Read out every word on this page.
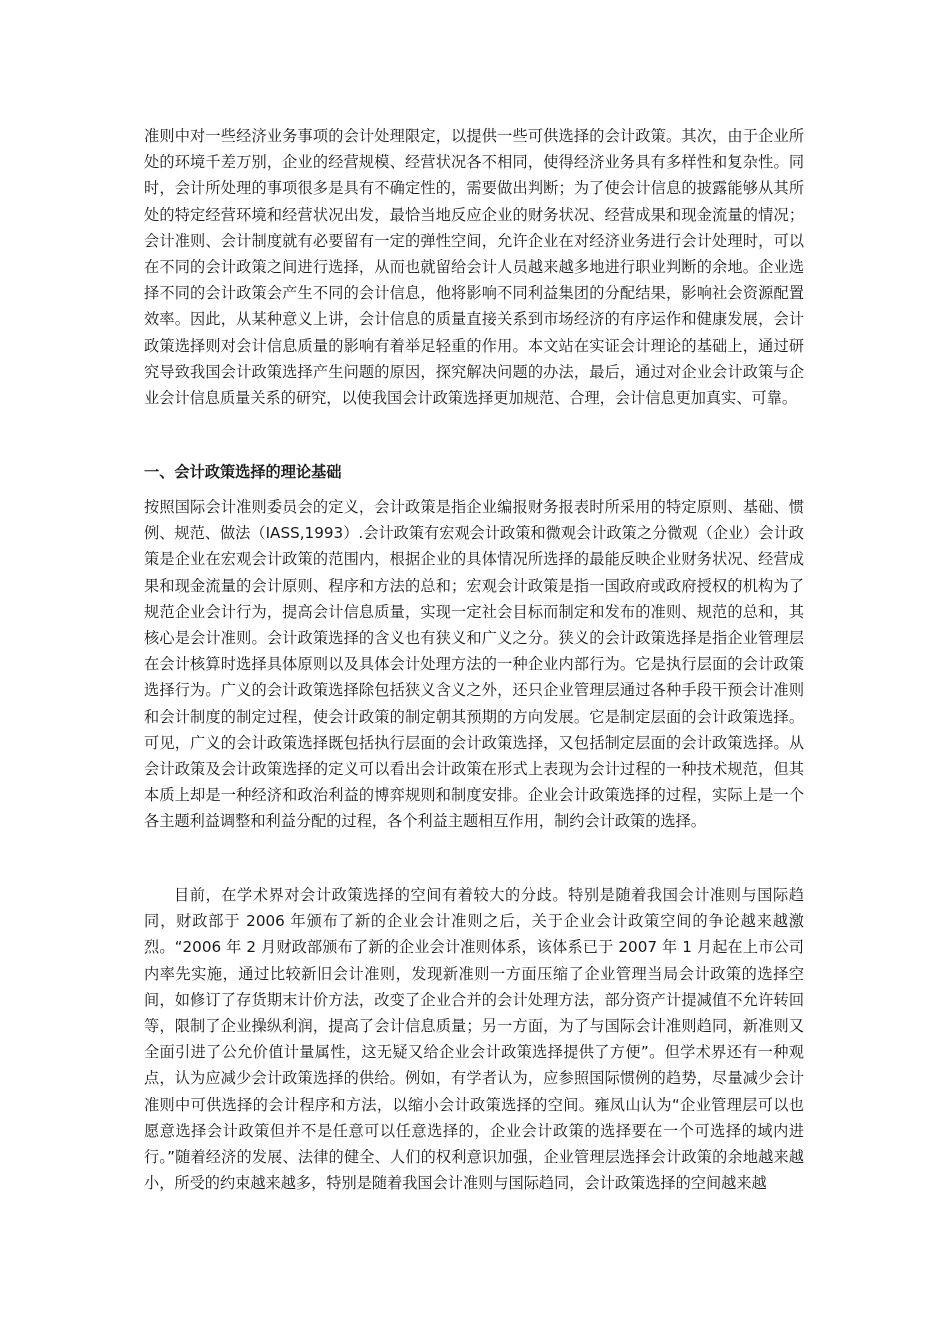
准则中对一些经济业务事项的会计处理限定，以提供一些可供选择的会计政策。其次，由于企业所处的环境千差万别，企业的经营规模、经营状况各不相同，使得经济业务具有多样性和复杂性。同时，会计所处理的事项很多是具有不确定性的，需要做出判断；为了使会计信息的披露能够从其所处的特定经营环境和经营状况出发，最恰当地反应企业的财务状况、经营成果和现金流量的情况；会计准则、会计制度就有必要留有一定的弹性空间，允许企业在对经济业务进行会计处理时，可以在不同的会计政策之间进行选择，从而也就留给会计人员越来越多地进行职业判断的余地。企业选择不同的会计政策会产生不同的会计信息，他将影响不同利益集团的分配结果，影响社会资源配置效率。因此，从某种意义上讲，会计信息的质量直接关系到市场经济的有序运作和健康发展，会计政策选择则对会计信息质量的影响有着举足轻重的作用。本文站在实证会计理论的基础上，通过研究导致我国会计政策选择产生问题的原因，探究解决问题的办法，最后，通过对企业会计政策与企业会计信息质量关系的研究，以使我国会计政策选择更加规范、合理，会计信息更加真实、可靠。

一、会计政策选择的理论基础

按照国际会计准则委员会的定义，会计政策是指企业编报财务报表时所采用的特定原则、基础、惯例、规范、做法（IASS,1993）.会计政策有宏观会计政策和微观会计政策之分微观（企业）会计政策是企业在宏观会计政策的范围内，根据企业的具体情况所选择的最能反映企业财务状况、经营成果和现金流量的会计原则、程序和方法的总和；宏观会计政策是指一国政府或政府授权的机构为了规范企业会计行为，提高会计信息质量，实现一定社会目标而制定和发布的准则、规范的总和，其核心是会计准则。会计政策选择的含义也有狭义和广义之分。狭义的会计政策选择是指企业管理层在会计核算时选择具体原则以及具体会计处理方法的一种企业内部行为。它是执行层面的会计政策选择行为。广义的会计政策选择除包括狭义含义之外，还只企业管理层通过各种手段干预会计准则和会计制度的制定过程，使会计政策的制定朝其预期的方向发展。它是制定层面的会计政策选择。可见，广义的会计政策选择既包括执行层面的会计政策选择，又包括制定层面的会计政策选择。从会计政策及会计政策选择的定义可以看出会计政策在形式上表现为会计过程的一种技术规范，但其本质上却是一种经济和政治利益的博弈规则和制度安排。企业会计政策选择的过程，实际上是一个各主题利益调整和利益分配的过程，各个利益主题相互作用，制约会计政策的选择。

目前，在学术界对会计政策选择的空间有着较大的分歧。特别是随着我国会计准则与国际趋同，财政部于 2006 年颁布了新的企业会计准则之后，关于企业会计政策空间的争论越来越激烈。“2006 年 2 月财政部颁布了新的企业会计准则体系，该体系已于 2007 年 1 月起在上市公司内率先实施，通过比较新旧会计准则，发现新准则一方面压缩了企业管理当局会计政策的选择空间，如修订了存货期末计价方法，改变了企业合并的会计处理方法，部分资产计提减值不允许转回等，限制了企业操纵利润，提高了会计信息质量；另一方面，为了与国际会计准则趋同，新准则又全面引进了公允价值计量属性，这无疑又给企业会计政策选择提供了方便”。但学术界还有一种观点，认为应减少会计政策选择的供给。例如，有学者认为，应参照国际惯例的趋势，尽量减少会计准则中可供选择的会计程序和方法，以缩小会计政策选择的空间。雍凤山认为“企业管理层可以也愿意选择会计政策但并不是任意可以任意选择的，企业会计政策的选择要在一个可选择的域内进行。”随着经济的发展、法律的健全、人们的权利意识加强，企业管理层选择会计政策的余地越来越小，所受的约束越来越多，特别是随着我国会计准则与国际趋同，会计政策选择的空间越来越
